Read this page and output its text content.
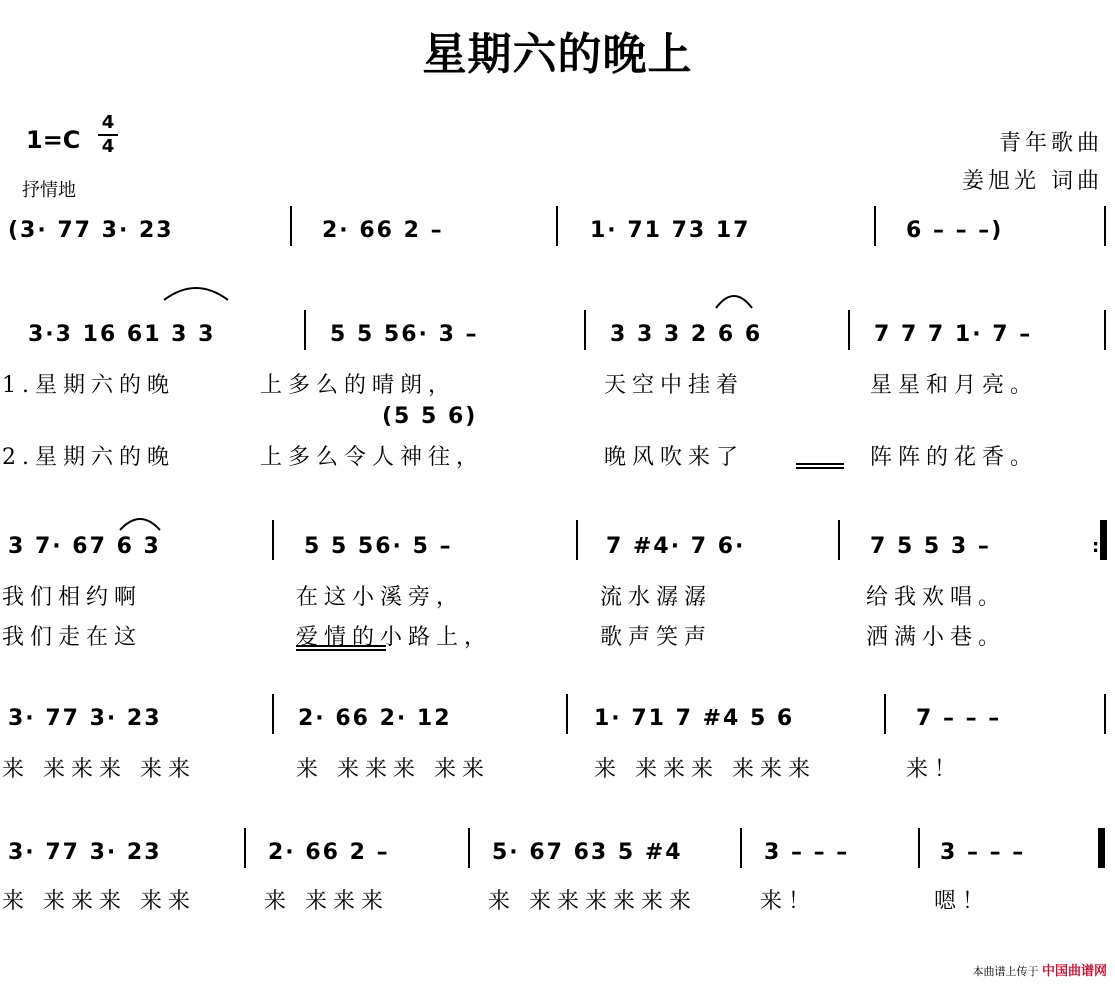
星期六的晚上
1=C
4
4
抒情地
青年歌曲
姜旭光 词曲
(3· 77 3· 23	2· 66 2 –	1· 71 73 17	6 – – –)
3·3 16 61 3 3	5 5 56· 3 –	3 3 3 2 6 6	7 7 7 1· 7 –
1.星期六的晚	上多么的晴朗，	天空中挂着	星星和月亮。
(5 5 6)
2.星期六的晚	上多么令人神往，	晚风吹来了	阵阵的花香。
3 7· 67 6 3	5 5 56· 5 –	7 #4· 7 6·	7 5 5 3 –	:
我们相约啊	在这小溪旁，	流水潺潺	给我欢唱。
我们走在这	爱情的小路上，	歌声笑声	洒满小巷。
3· 77 3· 23	2· 66 2· 12	1· 71 7 #4 5 6	7 – – –
来 来来来 来来	来 来来来 来来	来 来来来 来来来	来！
3· 77 3· 23	2· 66 2 –	5· 67 63 5 #4	3 – – –	3 – – –
来 来来来 来来	来 来来来	来 来来来来来来	来！	嗯！
本曲谱上传于 中国曲谱网
